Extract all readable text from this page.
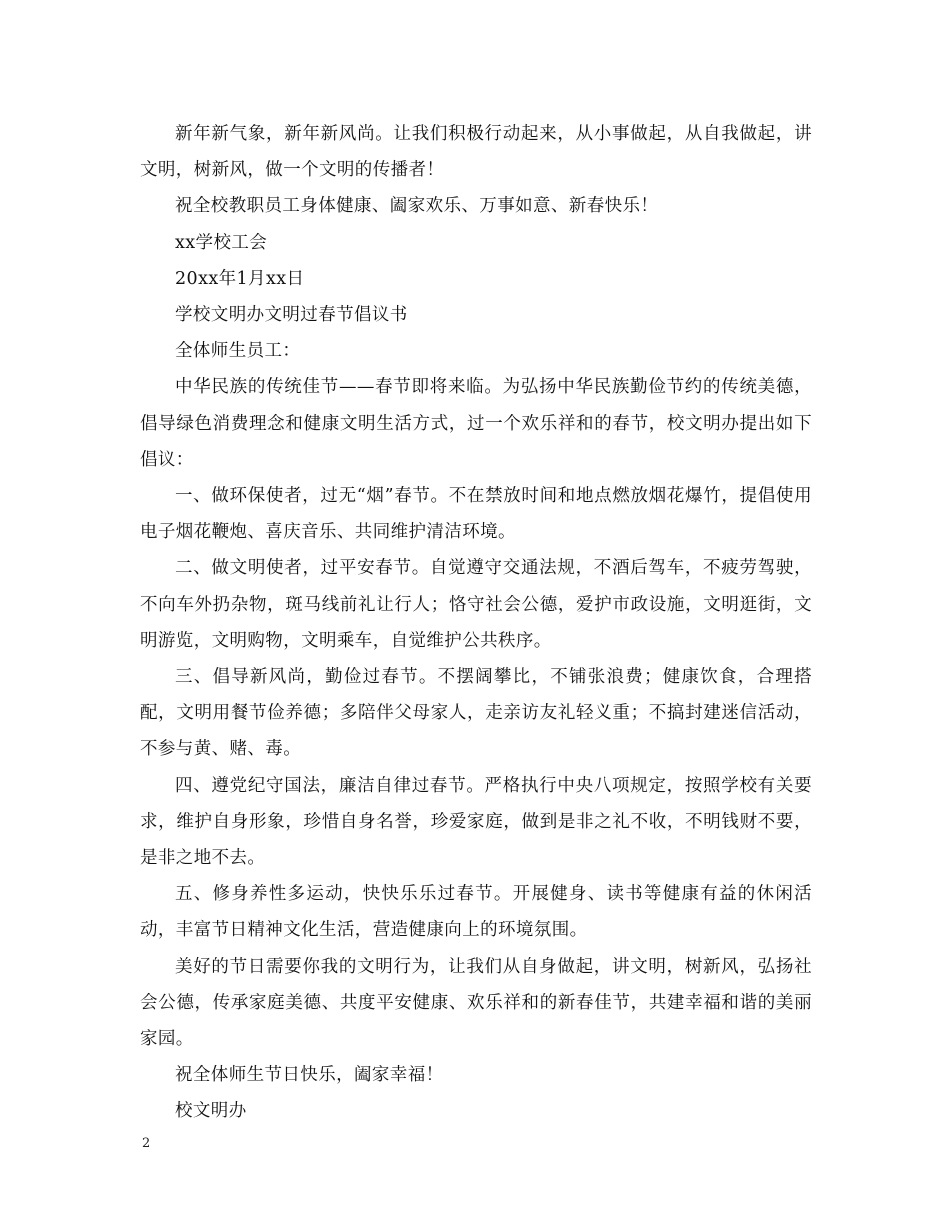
新年新气象，新年新风尚。让我们积极行动起来，从小事做起，从自我做起，讲文明，树新风，做一个文明的传播者！

祝全校教职员工身体健康、阖家欢乐、万事如意、新春快乐！

xx学校工会

20xx年1月xx日

学校文明办文明过春节倡议书

全体师生员工：

中华民族的传统佳节——春节即将来临。为弘扬中华民族勤俭节约的传统美德，倡导绿色消费理念和健康文明生活方式，过一个欢乐祥和的春节，校文明办提出如下倡议：

一、做环保使者，过无“烟”春节。不在禁放时间和地点燃放烟花爆竹，提倡使用电子烟花鞭炮、喜庆音乐、共同维护清洁环境。

二、做文明使者，过平安春节。自觉遵守交通法规，不酒后驾车，不疲劳驾驶，不向车外扔杂物，斑马线前礼让行人；恪守社会公德，爱护市政设施，文明逛街，文明游览，文明购物，文明乘车，自觉维护公共秩序。

三、倡导新风尚，勤俭过春节。不摆阔攀比，不铺张浪费；健康饮食，合理搭配，文明用餐节俭养德；多陪伴父母家人，走亲访友礼轻义重；不搞封建迷信活动，不参与黄、赌、毒。

四、遵党纪守国法，廉洁自律过春节。严格执行中央八项规定，按照学校有关要求，维护自身形象，珍惜自身名誉，珍爱家庭，做到是非之礼不收，不明钱财不要，是非之地不去。

五、修身养性多运动，快快乐乐过春节。开展健身、读书等健康有益的休闲活动，丰富节日精神文化生活，营造健康向上的环境氛围。

美好的节日需要你我的文明行为，让我们从自身做起，讲文明，树新风，弘扬社会公德，传承家庭美德、共度平安健康、欢乐祥和的新春佳节，共建幸福和谐的美丽家园。

祝全体师生节日快乐，阖家幸福！

校文明办

2
